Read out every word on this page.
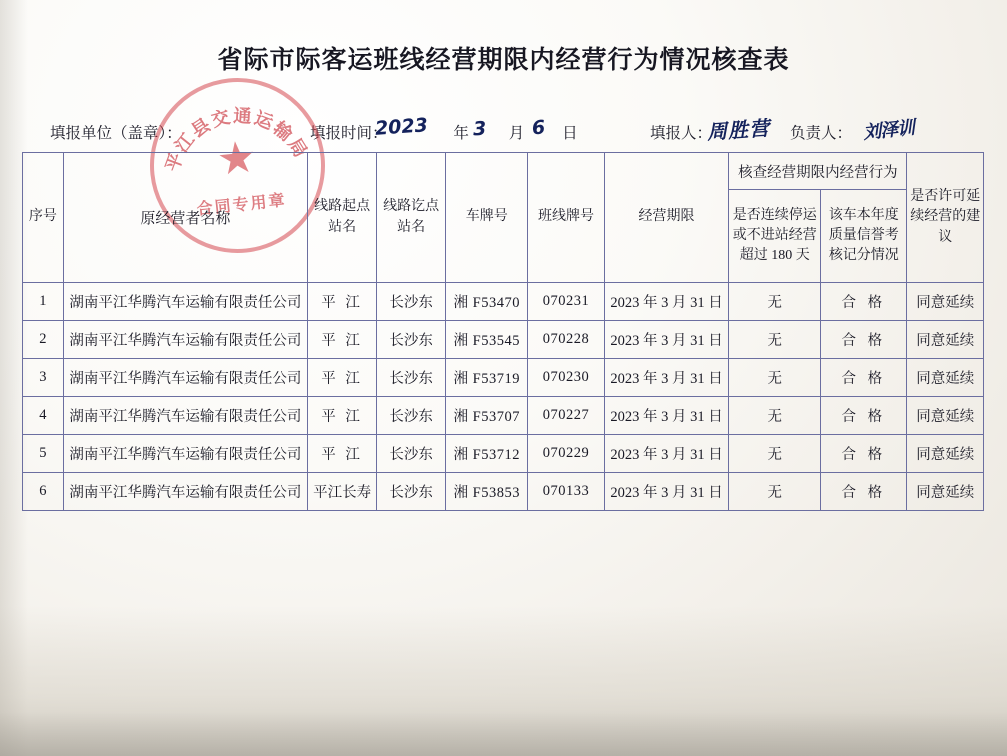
省际市际客运班线经营期限内经营行为情况核查表
填报单位（盖章）：	填报时间：	年	月 日	填报人：	负责人：
2023 3 6	周胜营	刘泽训
平江县交通运输局
★
合同专用章
序号	原经营者名称	线路起点站名	线路讫点站名	车牌号	班线牌号	经营期限	核查经营期限内经营行为		是否许可延续经营的建议
							是否连续停运或不进站经营超过 180 天	该车本年度质量信誉考核记分情况	
1	湖南平江华腾汽车运输有限责任公司	平 江	长沙东	湘 F53470	070231	2023 年 3 月 31 日	无	合 格	同意延续
2	湖南平江华腾汽车运输有限责任公司	平 江	长沙东	湘 F53545	070228	2023 年 3 月 31 日	无	合 格	同意延续
3	湖南平江华腾汽车运输有限责任公司	平 江	长沙东	湘 F53719	070230	2023 年 3 月 31 日	无	合 格	同意延续
4	湖南平江华腾汽车运输有限责任公司	平 江	长沙东	湘 F53707	070227	2023 年 3 月 31 日	无	合 格	同意延续
5	湖南平江华腾汽车运输有限责任公司	平 江	长沙东	湘 F53712	070229	2023 年 3 月 31 日	无	合 格	同意延续
6	湖南平江华腾汽车运输有限责任公司	平江长寿	长沙东	湘 F53853	070133	2023 年 3 月 31 日	无	合 格	同意延续
